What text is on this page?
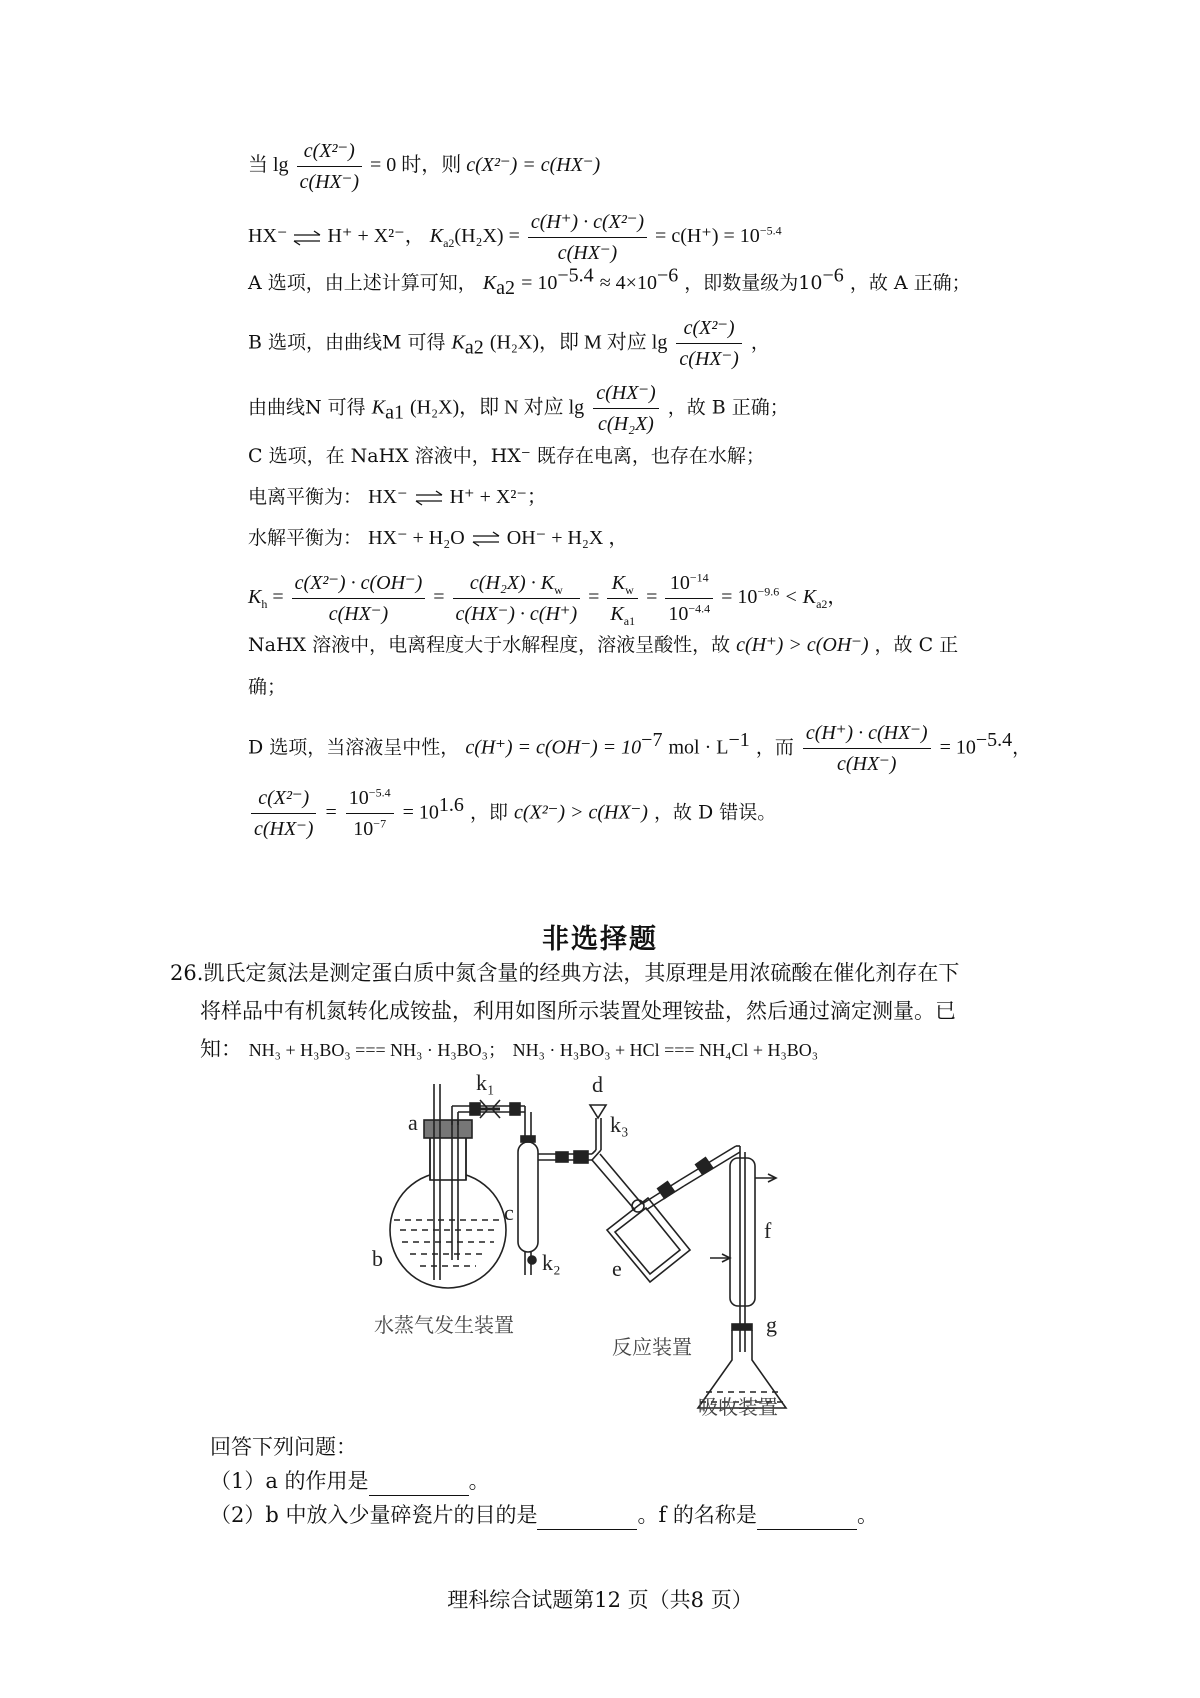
当 $\lg \frac{\text{c(X²⁻)}}{c(HX^-)} = 0$ 时，则 c(X²⁻) = c(HX⁻)
HX⁻ H⁺ + X²⁻， $K_{a2}(H_2X) = \frac{\text{c(H⁺) · c(X²⁻)}}{c(HX^-)} = c(H^+) = 10^{-5.4}$
A 选项，由上述计算可知， $K_{a2} = 10^{-5.4} \approx 4\times 10^{-6}$ ，即数量级为$10^{-6}$ ，故 A 正确；
B 选项，由曲线M 可得 $K_{a2}$ (H₂X)，即 M 对应 $\lg \frac{\text{c(X²⁻)}}{c(HX^-)}$ ，
由曲线N 可得 $K_{a1}$ (H₂X)，即 N 对应 $\lg \frac{c(HX^-)}{\text{c(H₂X)}}$ ，故 B 正确；
C 选项，在 NaHX 溶液中，HX⁻ 既存在电离，也存在水解；
电离平衡为： HX⁻ H⁺ + X²⁻；
水解平衡为： HX⁻ + H₂O OH⁻ + H₂X ，
$K_h = \frac{\text{c(X²⁻) · c(OH⁻)}}{c(HX^-)} = \frac{c(H_2X) \cdot K_w}{c(HX^-) \cdot c(H^+)} = \frac{K_w}{K_{a1}} = \frac{10^{-14}}{10^{-4.4}} = 10^{-9.6} < K_{a2}$，
NaHX 溶液中，电离程度大于水解程度，溶液呈酸性，故 c(H⁺) > c(OH⁻) ，故 C 正
确；
D 选项，当溶液呈中性， $c(H^+) = c(OH^-) = 10^{-7}$ mol · $L^{-1}$ ，而 $\frac{c(H^+) \cdot c(HX^-)}{c(HX^-)} = 10^{-5.4}$，
$\frac{\text{c(X²⁻)}}{c(HX^-)} = \frac{10^{-5.4}}{10^{-7}} = 10^{1.6}$ ，即 c(X²⁻) > c(HX⁻) ，故 D 错误。
非选择题
26.凯氏定氮法是测定蛋白质中氮含量的经典方法，其原理是用浓硫酸在催化剂存在下
将样品中有机氮转化成铵盐，利用如图所示装置处理铵盐，然后通过滴定测量。已
知： NH₃ + H₃BO₃ === NH₃ · H₃BO₃； NH₃ · H₃BO₃ + HCl === NH₄Cl + H₃BO₃
a
b
c
d
e
f
g
k₁
k₂
k₃
水蒸气发生装置
反应装置
吸收装置
回答下列问题：
（1）a 的作用是	。
（2）b 中放入少量碎瓷片的目的是	。f 的名称是	。
理科综合试题第12 页（共8 页）
